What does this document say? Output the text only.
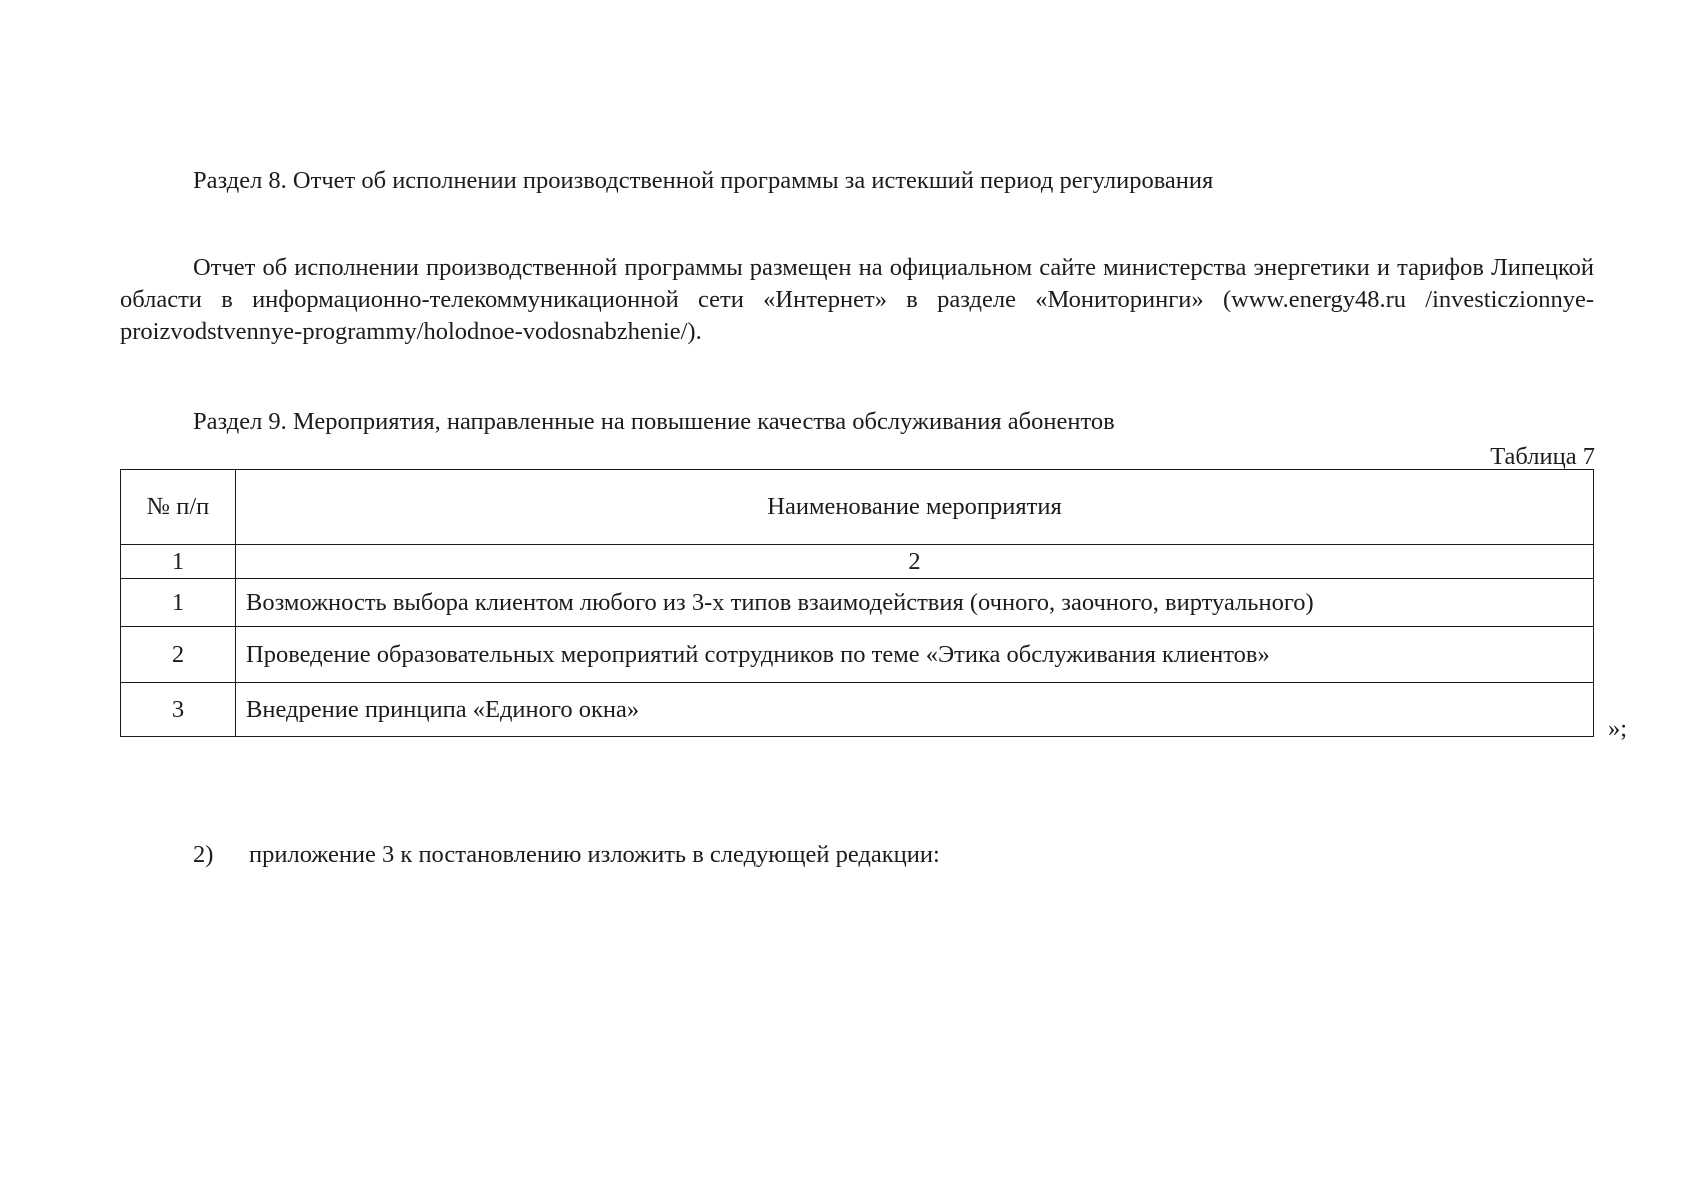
Раздел 8. Отчет об исполнении производственной программы за истекший период регулирования
Отчет об исполнении производственной программы размещен на официальном сайте министерства энергетики и тарифов Липецкой области в информационно-телекоммуникационной сети «Интернет» в разделе «Мониторинги» (www.energy48.ru /investiczionnye-proizvodstvennye-programmy/holodnoe-vodosnabzhenie/).
Раздел 9. Мероприятия, направленные на повышение качества обслуживания абонентов
Таблица 7
№ п/п	Наименование мероприятия
1	2
1	Возможность выбора клиентом любого из 3-х типов взаимодействия (очного, заочного, виртуального)
2	Проведение образовательных мероприятий сотрудников по теме «Этика обслуживания клиентов»
3	Внедрение принципа «Единого окна»
»;
2) приложение 3 к постановлению изложить в следующей редакции:
